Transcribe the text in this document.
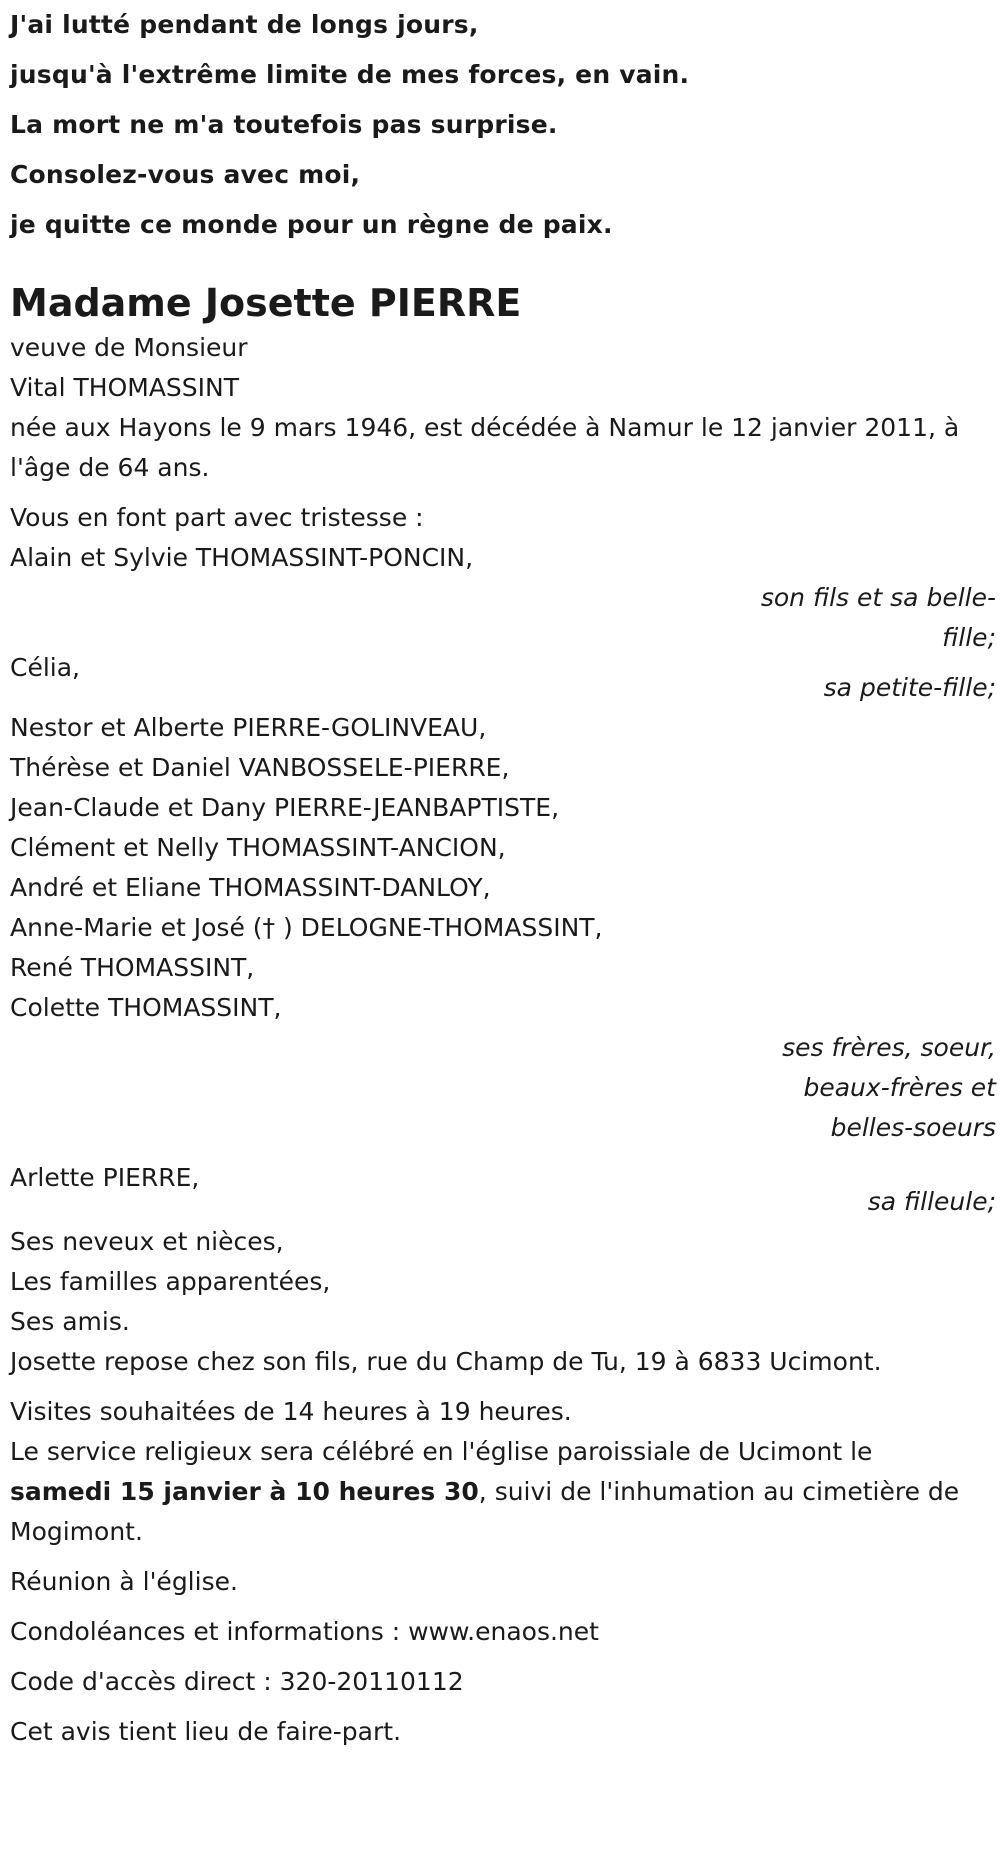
J'ai lutté pendant de longs jours,
jusqu'à l'extrême limite de mes forces, en vain.
La mort ne m'a toutefois pas surprise.
Consolez-vous avec moi,
je quitte ce monde pour un règne de paix.
Madame Josette PIERRE
veuve de Monsieur
Vital THOMASSINT
née aux Hayons le 9 mars 1946, est décédée à Namur le 12 janvier 2011, à
l'âge de 64 ans.
Vous en font part avec tristesse :
Alain et Sylvie THOMASSINT-PONCIN,
son fils et sa belle-
fille;
Célia,
sa petite-fille;
Nestor et Alberte PIERRE-GOLINVEAU,
Thérèse et Daniel VANBOSSELE-PIERRE,
Jean-Claude et Dany PIERRE-JEANBAPTISTE,
Clément et Nelly THOMASSINT-ANCION,
André et Eliane THOMASSINT-DANLOY,
Anne-Marie et José († ) DELOGNE-THOMASSINT,
René THOMASSINT,
Colette THOMASSINT,
ses frères, soeur,
beaux-frères et
belles-soeurs
Arlette PIERRE,
sa filleule;
Ses neveux et nièces,
Les familles apparentées,
Ses amis.
Josette repose chez son fils, rue du Champ de Tu, 19 à 6833 Ucimont.
Visites souhaitées de 14 heures à 19 heures.
Le service religieux sera célébré en l'église paroissiale de Ucimont le
samedi 15 janvier à 10 heures 30, suivi de l'inhumation au cimetière de
Mogimont.
Réunion à l'église.
Condoléances et informations : www.enaos.net
Code d'accès direct : 320-20110112
Cet avis tient lieu de faire-part.
